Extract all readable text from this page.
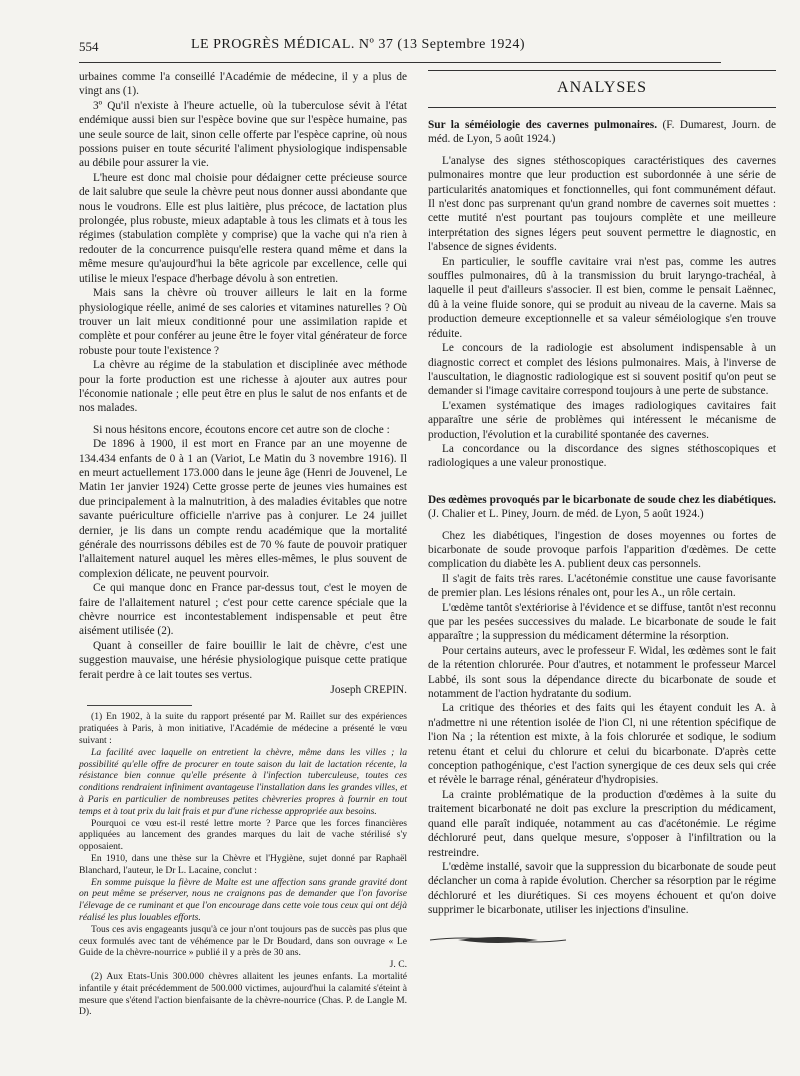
554	LE PROGRÈS MÉDICAL. Nº 37 (13 Septembre 1924)

urbaines comme l'a conseillé l'Académie de médecine, il y a plus de vingt ans (1).

3º Qu'il n'existe à l'heure actuelle, où la tuberculose sévit à l'état endémique aussi bien sur l'espèce bovine que sur l'espèce humaine, pas une seule source de lait, sinon celle offerte par l'espèce caprine, où nous possions puiser en toute sécurité l'aliment physiologique indispensable au débile pour assurer la vie.

L'heure est donc mal choisie pour dédaigner cette précieuse source de lait salubre que seule la chèvre peut nous donner aussi abondante que nous le voudrons. Elle est plus laitière, plus précoce, de lactation plus prolongée, plus robuste, mieux adaptable à tous les climats et à tous les régimes (stabulation complète y comprise) que la vache qui n'a rien à redouter de la concurrence puisqu'elle restera quand même et dans la même mesure qu'aujourd'hui la bête agricole par excellence, celle qui utilise le mieux l'espace d'herbage dévolu à son entretien.

Mais sans la chèvre où trouver ailleurs le lait en la forme physiologique réelle, animé de ses calories et vitamines naturelles ? Où trouver un lait mieux conditionné pour une assimilation rapide et complète et pour conférer au jeune être le foyer vital générateur de force robuste pour toute l'existence ?

La chèvre au régime de la stabulation et disciplinée avec méthode pour la forte production est une richesse à ajouter aux autres pour l'économie nationale ; elle peut être en plus le salut de nos enfants et de nos malades.

Si nous hésitons encore, écoutons encore cet autre son de cloche :

De 1896 à 1900, il est mort en France par an une moyenne de 134.434 enfants de 0 à 1 an (Variot, Le Matin du 3 novembre 1916). Il en meurt actuellement 173.000 dans le jeune âge (Henri de Jouvenel, Le Matin 1er janvier 1924) Cette grosse perte de jeunes vies humaines est due principalement à la malnutrition, à des maladies évitables que notre savante puériculture officielle n'arrive pas à conjurer. Le 24 juillet dernier, je lis dans un compte rendu académique que la mortalité générale des nourrissons débiles est de 70 % faute de pouvoir pratiquer l'allaitement naturel auquel les mères elles-mêmes, le plus souvent de complexion délicate, ne peuvent pourvoir.

Ce qui manque donc en France par-dessus tout, c'est le moyen de faire de l'allaitement naturel ; c'est pour cette carence spéciale que la chèvre nourrice est incontestablement indispensable et peut être aisément utilisée (2).

Quant à conseiller de faire bouillir le lait de chèvre, c'est une suggestion mauvaise, une hérésie physiologique puisque cette pratique ferait perdre à ce lait toutes ses vertus.

Joseph CREPIN.

(1) En 1902, à la suite du rapport présenté par M. Raillet sur des expériences pratiquées à Paris, à mon initiative, l'Académie de médecine a présenté le vœu suivant :

La facilité avec laquelle on entretient la chèvre, même dans les villes ; la possibilité qu'elle offre de procurer en toute saison du lait de lactation récente, la résistance bien connue qu'elle présente à l'infection tuberculeuse, toutes ces conditions rendraient infiniment avantageuse l'installation dans les grandes villes, et à Paris en particulier de nombreuses petites chèvreries propres à fournir en tout temps et à tout prix du lait frais et pur d'une richesse appropriée aux besoins.

Pourquoi ce vœu est-il resté lettre morte ? Parce que les forces financières appliquées au lancement des grandes marques du lait de vache stérilisé s'y opposaient.

En 1910, dans une thèse sur la Chèvre et l'Hygiène, sujet donné par Raphaël Blanchard, l'auteur, le Dr L. Lacaine, conclut :

En somme puisque la fièvre de Malte est une affection sans grande gravité dont on peut même se préserver, nous ne craignons pas de demander que l'on favorise l'élevage de ce ruminant et que l'on encourage dans cette voie tous ceux qui ont déjà réalisé les plus louables efforts.

Tous ces avis engageants jusqu'à ce jour n'ont toujours pas de succès pas plus que ceux formulés avec tant de véhémence par le Dr Boudard, dans son ouvrage « Le Guide de la chèvre-nourrice » publié il y a près de 30 ans.

J. C.

(2) Aux Etats-Unis 300.000 chèvres allaitent les jeunes enfants. La mortalité infantile y était précédemment de 500.000 victimes, aujourd'hui la calamité s'éteint à mesure que s'étend l'action bienfaisante de la chèvre-nourrice (Chas. P. de Langle M. D).

ANALYSES

Sur la séméiologie des cavernes pulmonaires. (F. Dumarest, Journ. de méd. de Lyon, 5 août 1924.)

L'analyse des signes stéthoscopiques caractéristiques des cavernes pulmonaires montre que leur production est subordonnée à une série de particularités anatomiques et fonctionnelles, qui font communément défaut. Il n'est donc pas surprenant qu'un grand nombre de cavernes soit muettes : cette mutité n'est pourtant pas toujours complète et une meilleure interprétation des signes légers peut souvent permettre le diagnostic, en l'absence de signes évidents.

En particulier, le souffle cavitaire vrai n'est pas, comme les autres souffles pulmonaires, dû à la transmission du bruit laryngo-trachéal, à laquelle il peut d'ailleurs s'associer. Il est bien, comme le pensait Laënnec, dû à la veine fluide sonore, qui se produit au niveau de la caverne. Mais sa production demeure exceptionnelle et sa valeur séméiologique s'en trouve réduite.

Le concours de la radiologie est absolument indispensable à un diagnostic correct et complet des lésions pulmonaires. Mais, à l'inverse de l'auscultation, le diagnostic radiologique est si souvent positif qu'on peut se demander si l'image cavitaire correspond toujours à une perte de substance.

L'examen systématique des images radiologiques cavitaires fait apparaître une série de problèmes qui intéressent le mécanisme de production, l'évolution et la curabilité spontanée des cavernes.

La concordance ou la discordance des signes stéthoscopiques et radiologiques a une valeur pronostique.

Des œdèmes provoqués par le bicarbonate de soude chez les diabétiques. (J. Chalier et L. Piney, Journ. de méd. de Lyon, 5 août 1924.)

Chez les diabétiques, l'ingestion de doses moyennes ou fortes de bicarbonate de soude provoque parfois l'apparition d'œdèmes. De cette complication du diabète les A. publient deux cas personnels.

Il s'agit de faits très rares. L'acétonémie constitue une cause favorisante de premier plan. Les lésions rénales ont, pour les A., un rôle certain.

L'œdème tantôt s'extériorise à l'évidence et se diffuse, tantôt n'est reconnu que par les pesées successives du malade. Le bicarbonate de soude le fait apparaître ; la suppression du médicament détermine la résorption.

Pour certains auteurs, avec le professeur F. Widal, les œdèmes sont le fait de la rétention chlorurée. Pour d'autres, et notamment le professeur Marcel Labbé, ils sont sous la dépendance directe du bicarbonate de soude et notamment de l'action hydratante du sodium.

La critique des théories et des faits qui les étayent conduit les A. à n'admettre ni une rétention isolée de l'ion Cl, ni une rétention spécifique de l'ion Na ; la rétention est mixte, à la fois chlorurée et sodique, le sodium retenu étant et celui du chlorure et celui du bicarbonate. D'après cette conception pathogénique, c'est l'action synergique de ces deux sels qui crée et révèle le barrage rénal, générateur d'hydropisies.

La crainte problématique de la production d'œdèmes à la suite du traitement bicarbonaté ne doit pas exclure la prescription du médicament, quand elle paraît indiquée, notamment au cas d'acétonémie. Le régime déchloruré peut, dans quelque mesure, s'opposer à l'infiltration ou la restreindre.

L'œdème installé, savoir que la suppression du bicarbonate de soude peut déclancher un coma à rapide évolution. Chercher sa résorption par le régime déchloruré et les diurétiques. Si ces moyens échouent et qu'on doive supprimer le bicarbonate, utiliser les injections d'insuline.
